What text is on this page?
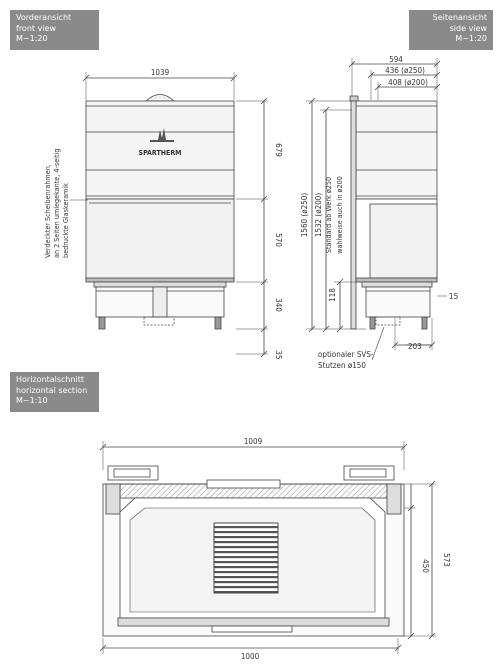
Vorderansicht
front view
M~1:20
Seitenansicht
side view
M~1:20
Horizontalschnitt
horizontal section
M~1:10
1039
SPARTHERM	679
570
340
35
Verdeckter Scheibenrahmen, an 2 Seiten umlegekante, 4-seitig bedruckte Glaskeramik
594
436 (ø250)
408 (ø200)
1560 (ø250) 1532 (ø200)
118
Standard ab Werk ø250 wahlweise auch in ø200
15
203
optionaler SVS-
Stutzen ø150
1009
1000
450 573
